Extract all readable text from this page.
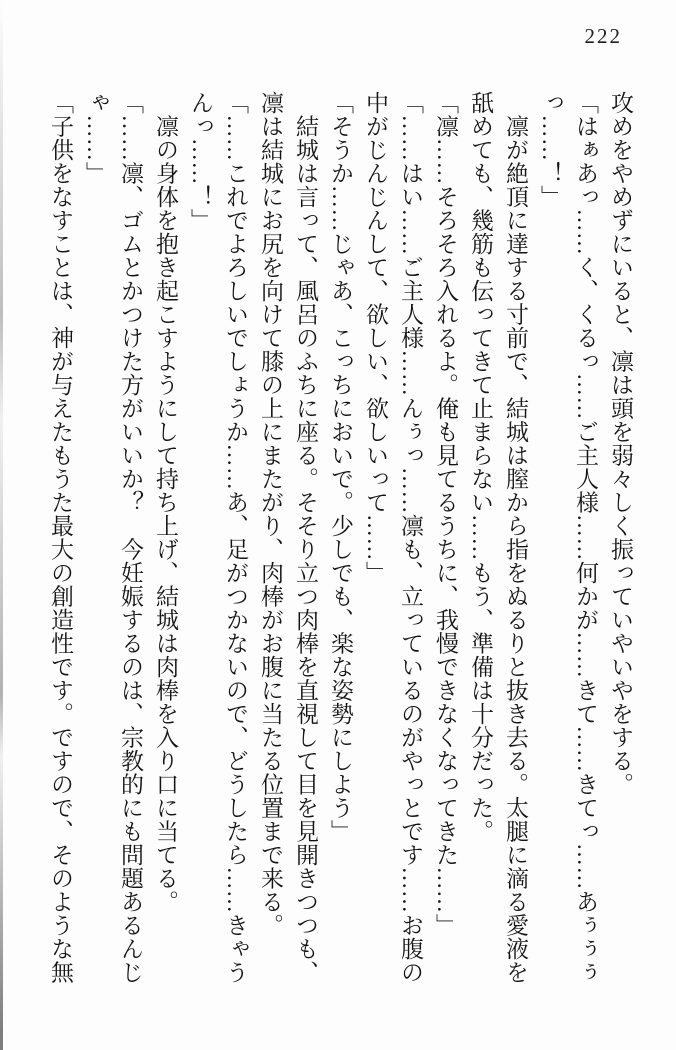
222
攻めをやめずにいると、凛は頭を弱々しく振っていやいやをする。
「はぁあっ……く、くるっ……ご主人様……何かが……きて……きてっ……あぅぅぅ
っ……！」
　凛が絶頂に達する寸前で、結城は膣から指をぬるりと抜き去る。太腿に滴る愛液を
舐めても、幾筋も伝ってきて止まらない……もう、準備は十分だった。
「凛……そろそろ入れるよ。俺も見てるうちに、我慢できなくなってきた……」
「……はい……ご主人様……んぅっ……凛も、立っているのがやっとです……お腹の
中がじんじんして、欲しい、欲しいって……」
「そうか……じゃあ、こっちにおいで。少しでも、楽な姿勢にしよう」
　結城は言って、風呂のふちに座る。そそり立つ肉棒を直視して目を見開きつつも、
凛は結城にお尻を向けて膝の上にまたがり、肉棒がお腹に当たる位置まで来る。
「……これでよろしいでしょうか……あ、足がつかないので、どうしたら……きゃう
んっ……！」
　凛の身体を抱き起こすようにして持ち上げ、結城は肉棒を入り口に当てる。
「……凛、ゴムとかつけた方がいいか？　今妊娠するのは、宗教的にも問題あるんじ
ゃ……」
「子供をなすことは、神が与えたもうた最大の創造性です。ですので、そのような無
